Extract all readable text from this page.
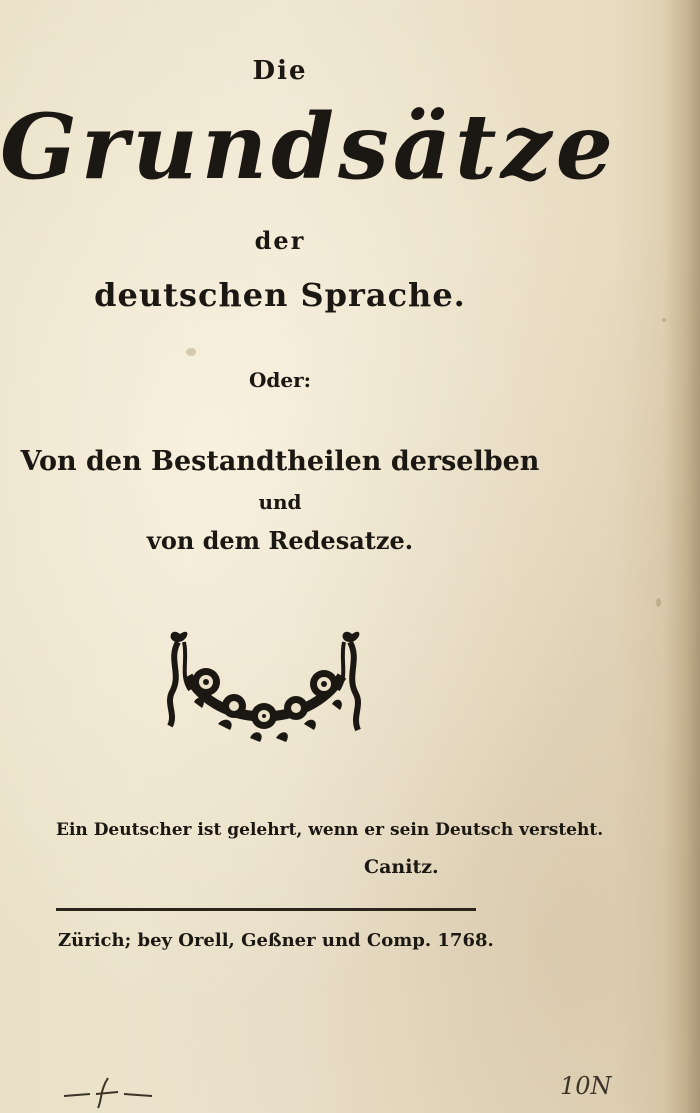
Die
Grundsätze
der
deutschen Sprache.
Oder:
Von den Bestandtheilen derselben
und
von dem Redesatze.
Ein Deutscher ist gelehrt, wenn er sein Deutsch versteht.
Canitz.
Zürich; bey Orell, Geßner und Comp. 1768.
10N
